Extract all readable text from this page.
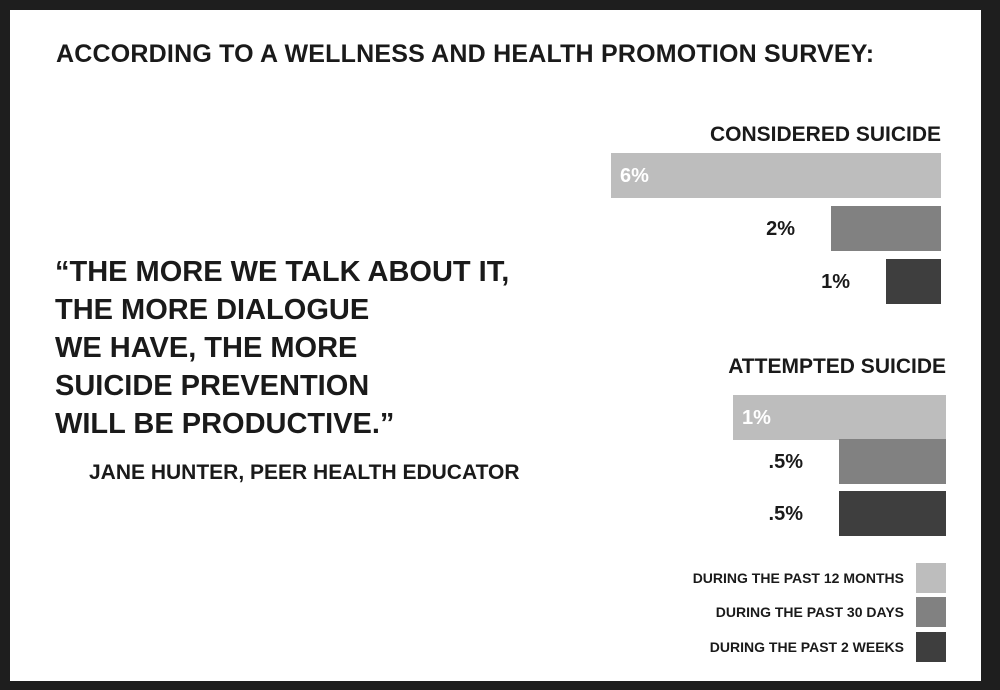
ACCORDING TO A WELLNESS AND HEALTH PROMOTION SURVEY:
“THE MORE WE TALK ABOUT IT,
THE MORE DIALOGUE
WE HAVE, THE MORE
SUICIDE PREVENTION
WILL BE PRODUCTIVE.”
JANE HUNTER, PEER HEALTH EDUCATOR
CONSIDERED SUICIDE
6%
2%
1%
ATTEMPTED SUICIDE
1%
.5%
.5%
DURING THE PAST 12 MONTHS
DURING THE PAST 30 DAYS
DURING THE PAST 2 WEEKS
